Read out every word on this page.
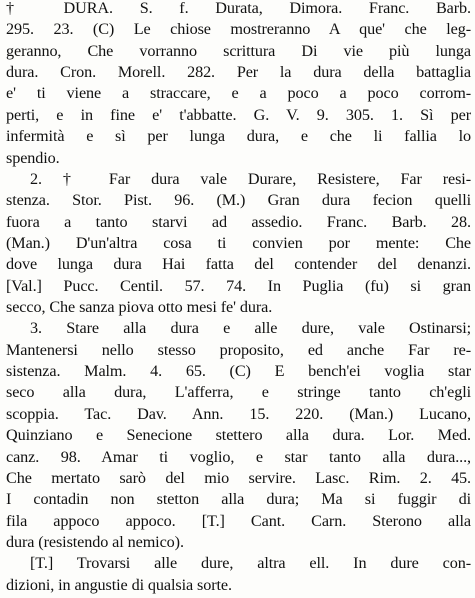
† DURA. S. f. Durata, Dimora. Franc. Barb.
295. 23. (C) Le chiose mostreranno A que' che leg-
geranno, Che vorranno scrittura Di vie più lunga
dura. Cron. Morell. 282. Per la dura della battaglia
e' ti viene a straccare, e a poco a poco corrom-
perti, e in fine e' t'abbatte. G. V. 9. 305. 1. Sì per
infermità e sì per lunga dura, e che li fallia lo
spendio.
2. † Far dura vale Durare, Resistere, Far resi-
stenza. Stor. Pist. 96. (M.) Gran dura fecion quelli
fuora a tanto starvi ad assedio. Franc. Barb. 28.
(Man.) D'un'altra cosa ti convien por mente: Che
dove lunga dura Hai fatta del contender del denanzi.
[Val.] Pucc. Centil. 57. 74. In Puglia (fu) si gran
secco, Che sanza piova otto mesi fe' dura.
3. Stare alla dura e alle dure, vale Ostinarsi;
Mantenersi nello stesso proposito, ed anche Far re-
sistenza. Malm. 4. 65. (C) E bench'ei voglia star
seco alla dura, L'afferra, e stringe tanto ch'egli
scoppia. Tac. Dav. Ann. 15. 220. (Man.) Lucano,
Quinziano e Senecione stettero alla dura. Lor. Med.
canz. 98. Amar ti voglio, e star tanto alla dura...,
Che mertato sarò del mio servire. Lasc. Rim. 2. 45.
I contadin non stetton alla dura; Ma si fuggir di
fila appoco appoco. [T.] Cant. Carn. Sterono alla
dura (resistendo al nemico).
[T.] Trovarsi alle dure, altra ell. In dure con-
dizioni, in angustie di qualsia sorte.
